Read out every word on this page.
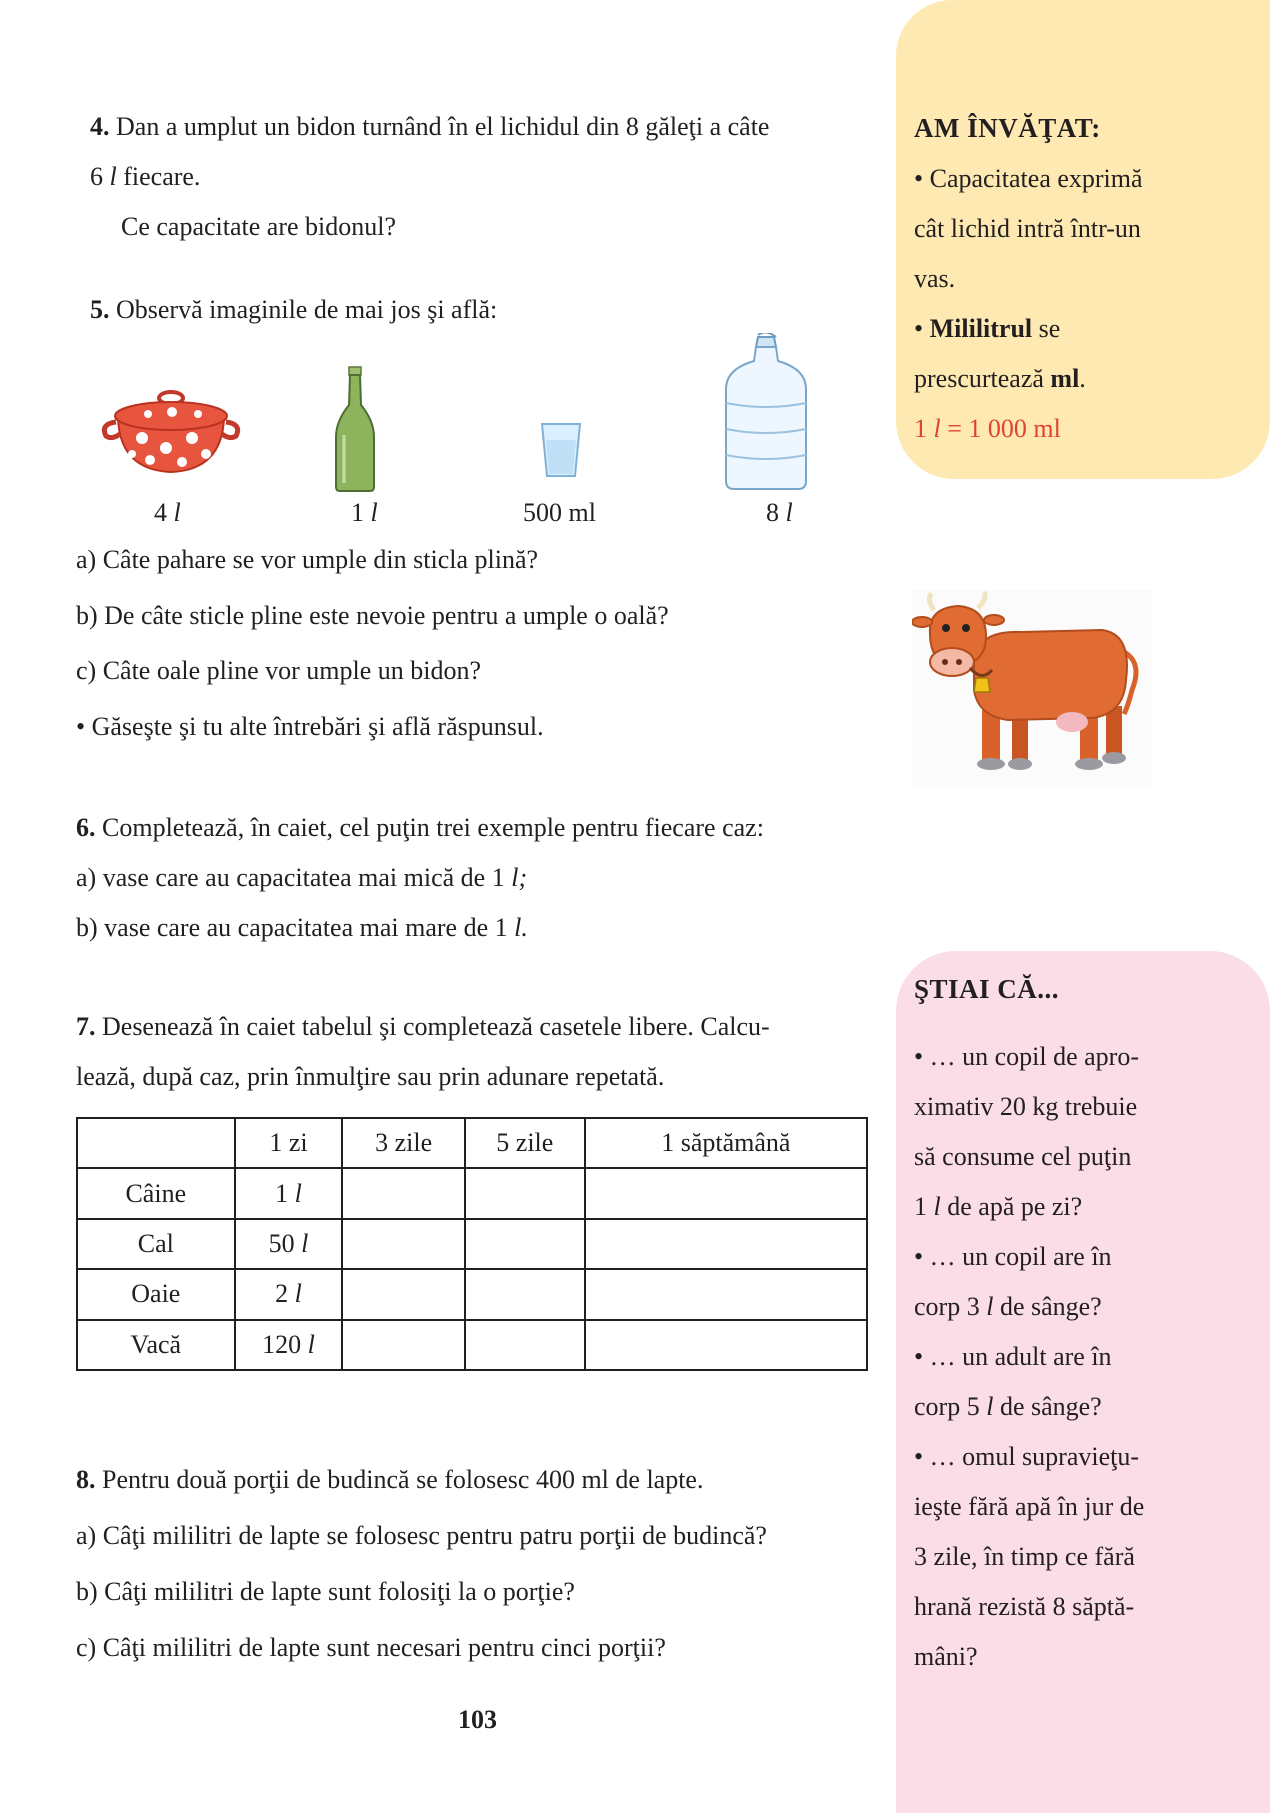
4. Dan a umplut un bidon turnând în el lichidul din 8 găleţi a câte
6 l fiecare.
Ce capacitate are bidonul?
5. Observă imaginile de mai jos şi află:
4 l	1 l	500 ml	8 l
a) Câte pahare se vor umple din sticla plină?
b) De câte sticle pline este nevoie pentru a umple o oală?
c) Câte oale pline vor umple un bidon?
• Găseşte şi tu alte întrebări şi află răspunsul.
6. Completează, în caiet, cel puţin trei exemple pentru fiecare caz:
a) vase care au capacitatea mai mică de 1 l;
b) vase care au capacitatea mai mare de 1 l.
7. Desenează în caiet tabelul şi completează casetele libere. Calcu-
lează, după caz, prin înmulţire sau prin adunare repetată.
	1 zi	3 zile	5 zile	1 săptămână
Câine	1 l			
Cal	50 l			
Oaie	2 l			
Vacă	120 l			
8. Pentru două porţii de budincă se folosesc 400 ml de lapte.
a) Câţi mililitri de lapte se folosesc pentru patru porţii de budincă?
b) Câţi mililitri de lapte sunt folosiţi la o porţie?
c) Câţi mililitri de lapte sunt necesari pentru cinci porţii?
103
AM ÎNVĂŢAT:
• Capacitatea exprimă
cât lichid intră într-un
vas.
• Mililitrul se
prescurtează ml.
1 l = 1 000 ml
ŞTIAI CĂ...
• … un copil de apro-
ximativ 20 kg trebuie
să consume cel puţin
1 l de apă pe zi?
• … un copil are în
corp 3 l de sânge?
• … un adult are în
corp 5 l de sânge?
• … omul supravieţu-
ieşte fără apă în jur de
3 zile, în timp ce fără
hrană rezistă 8 săptă-
mâni?
